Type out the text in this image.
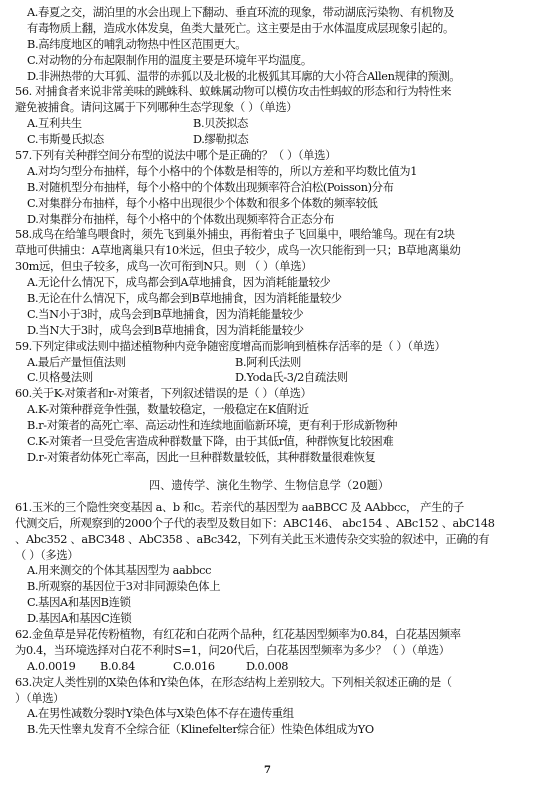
A.春夏之交，湖泊里的水会出现上下翻动、垂直环流的现象，带动湖底污染物、有机物及
有毒物质上翻，造成水体发臭，鱼类大量死亡。这主要是由于水体温度成层现象引起的。
B.高纬度地区的哺乳动物热中性区范围更大。
C.对动物的分布起限制作用的温度主要是环境年平均温度。
D.非洲热带的大耳狐、温带的赤狐以及北极的北极狐其耳廓的大小符合Allen规律的预测。
56. 对捕食者来说非常美味的跳蛛科、蚁蛛属动物可以模仿攻击性蚂蚁的形态和行为特性来
避免被捕食。请问这属于下列哪种生态学现象（ ）（单选）
A.互利共生	B.贝茨拟态
C.韦斯曼氏拟态	D.缪勒拟态
57.下列有关种群空间分布型的说法中哪个是正确的？（ ）（单选）
A.对均匀型分布抽样，每个小格中的个体数是相等的，所以方差和平均数比值为1
B.对随机型分布抽样，每个小格中的个体数出现频率符合泊松(Poisson)分布
C.对集群分布抽样，每个小格中出现很少个体数和很多个体数的频率较低
D.对集群分布抽样，每个小格中的个体数出现频率符合正态分布
58.成鸟在给雏鸟喂食时，须先飞到巢外捕虫，再衔着虫子飞回巢中，喂给雏鸟。现在有2块
草地可供捕虫：A草地离巢只有10米远，但虫子较少，成鸟一次只能衔到一只；B草地离巢幼
30m远，但虫子较多，成鸟一次可衔到N只。则 （ ）（单选）
A.无论什么情况下，成鸟都会到A草地捕食，因为消耗能量较少
B.无论在什么情况下，成鸟都会到B草地捕食，因为消耗能量较少
C.当N小于3时，成鸟会到B草地捕食，因为消耗能量较少
D.当N大于3时，成鸟会到B草地捕食，因为消耗能量较少
59.下列定律或法则中描述植物种内竞争随密度增高而影响到植株存活率的是（ ）（单选）
A.最后产量恒值法则	B.阿利氏法则
C.贝格曼法则	D.Yoda氏-3/2自疏法则
60.关于K-对策者和r-对策者，下列叙述错误的是（ ）（单选）
A.K-对策种群竞争性强，数量较稳定，一般稳定在K值附近
B.r-对策者的高死亡率、高运动性和连续地面临新环境，更有利于形成新物种
C.K-对策者一旦受危害造成种群数量下降，由于其低r值，种群恢复比较困难
D.r-对策者幼体死亡率高，因此一旦种群数量较低，其种群数量很难恢复
四、遗传学、演化生物学、生物信息学（20题）
61.玉米的三个隐性突变基因 a、b 和c。若亲代的基因型为 aaBBCC 及 AAbbcc， 产生的子
代测交后，所观察到的2000个子代的表型及数目如下：ABC146、 abc154 、ABc152 、abC148
、Abc352 、aBC348 、AbC358 、aBc342，下列有关此玉米遗传杂交实验的叙述中，正确的有
（ ）（多选）
A.用来测交的个体其基因型为 aabbcc
B.所观察的基因位于3对非同源染色体上
C.基因A和基因B连锁
D.基因A和基因C连锁
62.金鱼草是异花传粉植物，有红花和白花两个品种，红花基因型频率为0.84，白花基因频率
为0.4，当环境选择对白花不利时S=1，问20代后，白花基因型频率为多少？（ ）（单选）
A.0.0019	B.0.84	C.0.016	D.0.008
63.决定人类性别的X染色体和Y染色体，在形态结构上差别较大。下列相关叙述正确的是（
）（单选）
A.在男性减数分裂时Y染色体与X染色体不存在遗传重组
B.先天性睾丸发育不全综合征（Klinefelter综合征）性染色体组成为YO
7
